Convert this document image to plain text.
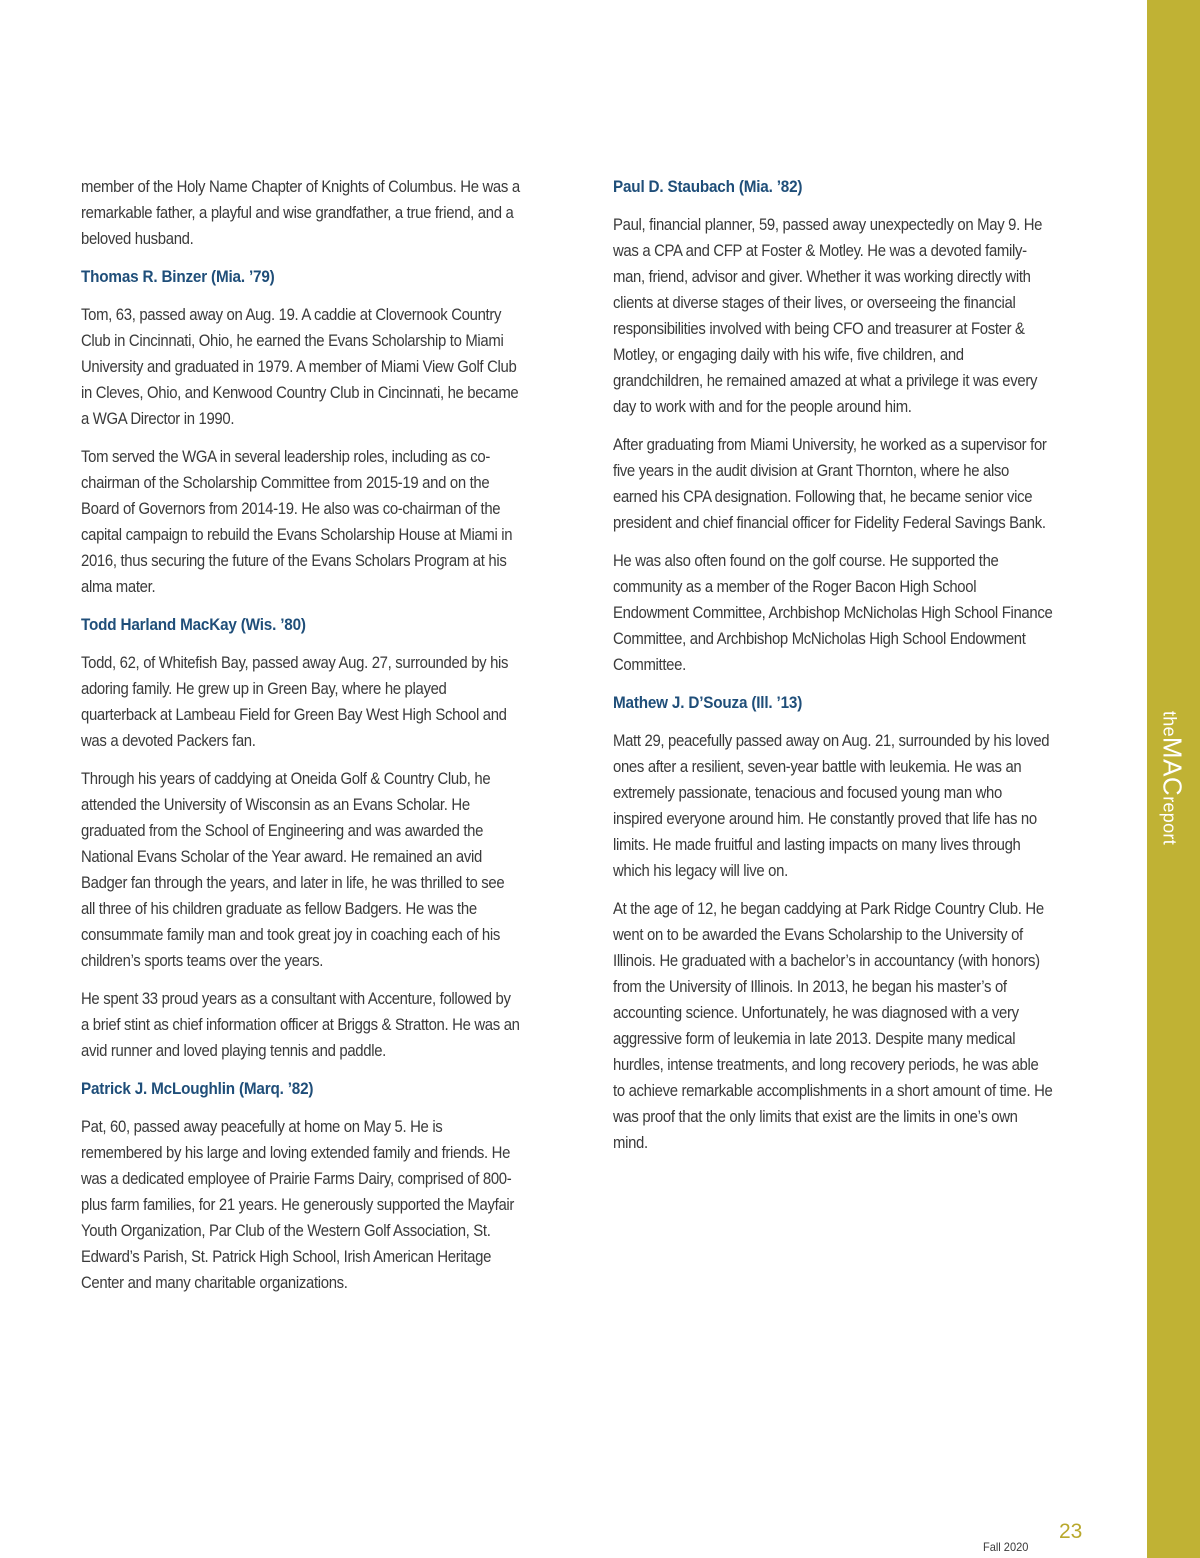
member of the Holy Name Chapter of Knights of Columbus. He was a remarkable father, a playful and wise grandfather, a true friend, and a beloved husband.

Thomas R. Binzer (Mia. ’79)

Tom, 63, passed away on Aug. 19. A caddie at Clovernook Country Club in Cincinnati, Ohio, he earned the Evans Scholarship to Miami University and graduated in 1979. A member of Miami View Golf Club in Cleves, Ohio, and Kenwood Country Club in Cincinnati, he became a WGA Director in 1990.

Tom served the WGA in several leadership roles, including as co-chairman of the Scholarship Committee from 2015-19 and on the Board of Governors from 2014-19. He also was co-chairman of the capital campaign to rebuild the Evans Scholarship House at Miami in 2016, thus securing the future of the Evans Scholars Program at his alma mater.

Todd Harland MacKay (Wis. ’80)

Todd, 62, of Whitefish Bay, passed away Aug. 27, surrounded by his adoring family. He grew up in Green Bay, where he played quarterback at Lambeau Field for Green Bay West High School and was a devoted Packers fan.

Through his years of caddying at Oneida Golf & Country Club, he attended the University of Wisconsin as an Evans Scholar. He graduated from the School of Engineering and was awarded the National Evans Scholar of the Year award. He remained an avid Badger fan through the years, and later in life, he was thrilled to see all three of his children graduate as fellow Badgers. He was the consummate family man and took great joy in coaching each of his children’s sports teams over the years.

He spent 33 proud years as a consultant with Accenture, followed by a brief stint as chief information officer at Briggs & Stratton. He was an avid runner and loved playing tennis and paddle.

Patrick J. McLoughlin (Marq. ’82)

Pat, 60, passed away peacefully at home on May 5. He is remembered by his large and loving extended family and friends. He was a dedicated employee of Prairie Farms Dairy, comprised of 800-plus farm families, for 21 years. He generously supported the Mayfair Youth Organization, Par Club of the Western Golf Association, St. Edward’s Parish, St. Patrick High School, Irish American Heritage Center and many charitable organizations.

Paul D. Staubach (Mia. ’82)

Paul, financial planner, 59, passed away unexpectedly on May 9. He was a CPA and CFP at Foster & Motley. He was a devoted family-man, friend, advisor and giver. Whether it was working directly with clients at diverse stages of their lives, or overseeing the financial responsibilities involved with being CFO and treasurer at Foster & Motley, or engaging daily with his wife, five children, and grandchildren, he remained amazed at what a privilege it was every day to work with and for the people around him.

After graduating from Miami University, he worked as a supervisor for five years in the audit division at Grant Thornton, where he also earned his CPA designation. Following that, he became senior vice president and chief financial officer for Fidelity Federal Savings Bank.

He was also often found on the golf course. He supported the community as a member of the Roger Bacon High School Endowment Committee, Archbishop McNicholas High School Finance Committee, and Archbishop McNicholas High School Endowment Committee.

Mathew J. D’Souza (Ill. ’13)

Matt 29, peacefully passed away on Aug. 21, surrounded by his loved ones after a resilient, seven-year battle with leukemia. He was an extremely passionate, tenacious and focused young man who inspired everyone around him. He constantly proved that life has no limits. He made fruitful and lasting impacts on many lives through which his legacy will live on.

At the age of 12, he began caddying at Park Ridge Country Club. He went on to be awarded the Evans Scholarship to the University of Illinois. He graduated with a bachelor’s in accountancy (with honors) from the University of Illinois. In 2013, he began his master’s of accounting science. Unfortunately, he was diagnosed with a very aggressive form of leukemia in late 2013. Despite many medical hurdles, intense treatments, and long recovery periods, he was able to achieve remarkable accomplishments in a short amount of time. He was proof that the only limits that exist are the limits in one’s own mind.

theMACreport
Fall 2020
23
